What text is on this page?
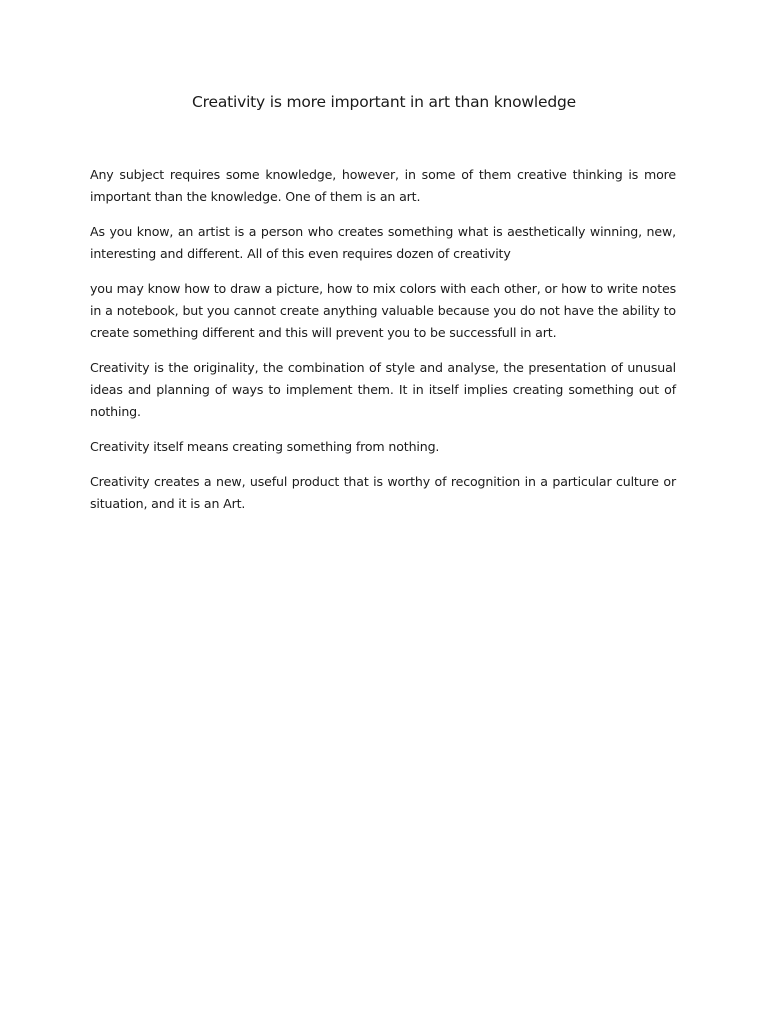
Creativity is more important in art than knowledge

Any subject requires some knowledge, however, in some of them creative thinking is more important than the knowledge. One of them is an art.

As you know, an artist is a person who creates something what is aesthetically winning, new, interesting and different. All of this even requires dozen of creativity

you may know how to draw a picture, how to mix colors with each other, or how to write notes in a notebook, but you cannot create anything valuable because you do not have the ability to create something different and this will prevent you to be successfull in art.

Creativity is the originality, the combination of style and analyse, the presentation of unusual ideas and planning of ways to implement them. It in itself implies creating something out of nothing.

Creativity itself means creating something from nothing.

Creativity creates a new, useful product that is worthy of recognition in a particular culture or situation, and it is an Art.
